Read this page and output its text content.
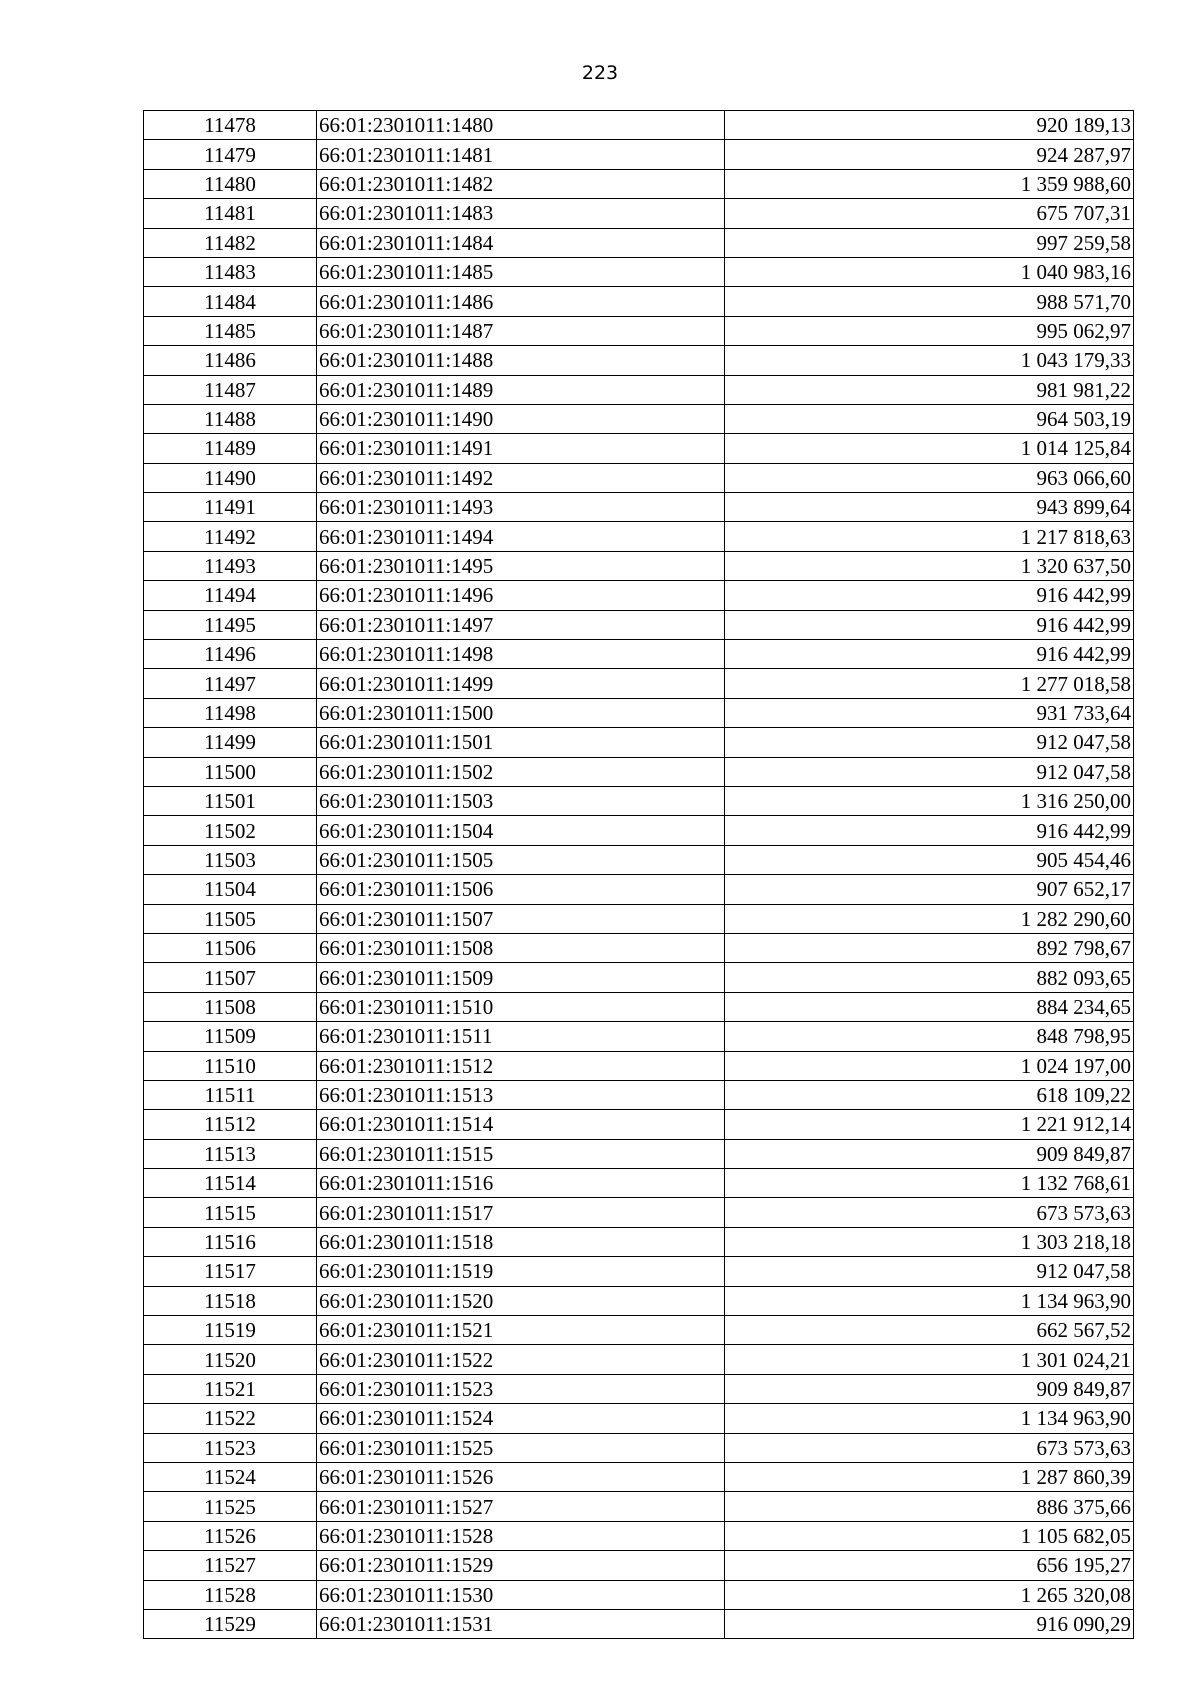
223
11478	66:01:2301011:1480	920 189,13
11479	66:01:2301011:1481	924 287,97
11480	66:01:2301011:1482	1 359 988,60
11481	66:01:2301011:1483	675 707,31
11482	66:01:2301011:1484	997 259,58
11483	66:01:2301011:1485	1 040 983,16
11484	66:01:2301011:1486	988 571,70
11485	66:01:2301011:1487	995 062,97
11486	66:01:2301011:1488	1 043 179,33
11487	66:01:2301011:1489	981 981,22
11488	66:01:2301011:1490	964 503,19
11489	66:01:2301011:1491	1 014 125,84
11490	66:01:2301011:1492	963 066,60
11491	66:01:2301011:1493	943 899,64
11492	66:01:2301011:1494	1 217 818,63
11493	66:01:2301011:1495	1 320 637,50
11494	66:01:2301011:1496	916 442,99
11495	66:01:2301011:1497	916 442,99
11496	66:01:2301011:1498	916 442,99
11497	66:01:2301011:1499	1 277 018,58
11498	66:01:2301011:1500	931 733,64
11499	66:01:2301011:1501	912 047,58
11500	66:01:2301011:1502	912 047,58
11501	66:01:2301011:1503	1 316 250,00
11502	66:01:2301011:1504	916 442,99
11503	66:01:2301011:1505	905 454,46
11504	66:01:2301011:1506	907 652,17
11505	66:01:2301011:1507	1 282 290,60
11506	66:01:2301011:1508	892 798,67
11507	66:01:2301011:1509	882 093,65
11508	66:01:2301011:1510	884 234,65
11509	66:01:2301011:1511	848 798,95
11510	66:01:2301011:1512	1 024 197,00
11511	66:01:2301011:1513	618 109,22
11512	66:01:2301011:1514	1 221 912,14
11513	66:01:2301011:1515	909 849,87
11514	66:01:2301011:1516	1 132 768,61
11515	66:01:2301011:1517	673 573,63
11516	66:01:2301011:1518	1 303 218,18
11517	66:01:2301011:1519	912 047,58
11518	66:01:2301011:1520	1 134 963,90
11519	66:01:2301011:1521	662 567,52
11520	66:01:2301011:1522	1 301 024,21
11521	66:01:2301011:1523	909 849,87
11522	66:01:2301011:1524	1 134 963,90
11523	66:01:2301011:1525	673 573,63
11524	66:01:2301011:1526	1 287 860,39
11525	66:01:2301011:1527	886 375,66
11526	66:01:2301011:1528	1 105 682,05
11527	66:01:2301011:1529	656 195,27
11528	66:01:2301011:1530	1 265 320,08
11529	66:01:2301011:1531	916 090,29
